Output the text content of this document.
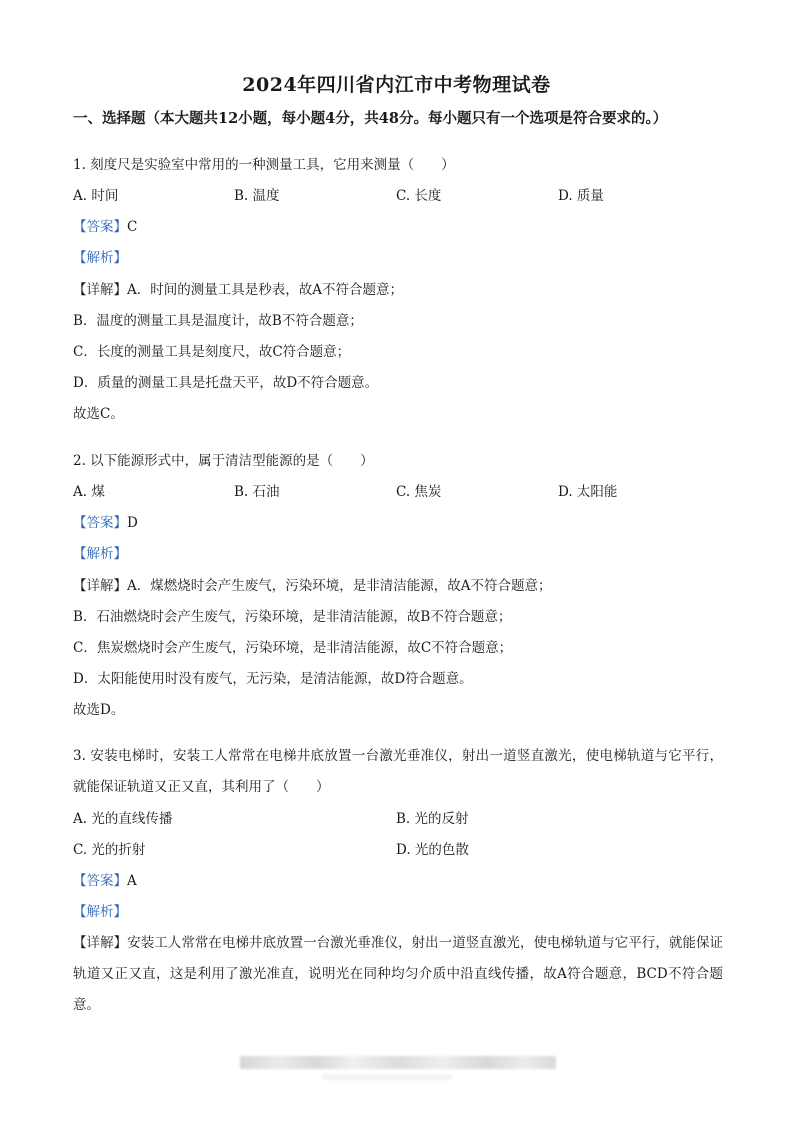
2024年四川省内江市中考物理试卷
一、选择题（本大题共12小题，每小题4分，共48分。每小题只有一个选项是符合要求的。）
1. 刻度尺是实验室中常用的一种测量工具，它用来测量（　　）
A. 时间	B. 温度	C. 长度	D. 质量
【答案】C
【解析】
【详解】A．时间的测量工具是秒表，故A不符合题意；
B．温度的测量工具是温度计，故B不符合题意；
C．长度的测量工具是刻度尺，故C符合题意；
D．质量的测量工具是托盘天平，故D不符合题意。
故选C。
2. 以下能源形式中，属于清洁型能源的是（　　）
A. 煤	B. 石油	C. 焦炭	D. 太阳能
【答案】D
【解析】
【详解】A．煤燃烧时会产生废气，污染环境，是非清洁能源，故A不符合题意；
B．石油燃烧时会产生废气，污染环境，是非清洁能源，故B不符合题意；
C．焦炭燃烧时会产生废气，污染环境，是非清洁能源，故C不符合题意；
D．太阳能使用时没有废气，无污染，是清洁能源，故D符合题意。
故选D。
3. 安装电梯时，安装工人常常在电梯井底放置一台激光垂准仪，射出一道竖直激光，使电梯轨道与它平行，就能保证轨道又正又直，其利用了（　　）
A. 光的直线传播	B. 光的反射
C. 光的折射	D. 光的色散
【答案】A
【解析】
【详解】安装工人常常在电梯井底放置一台激光垂准仪，射出一道竖直激光，使电梯轨道与它平行，就能保证轨道又正又直，这是利用了激光准直，说明光在同种均匀介质中沿直线传播，故A符合题意，BCD不符合题意。
